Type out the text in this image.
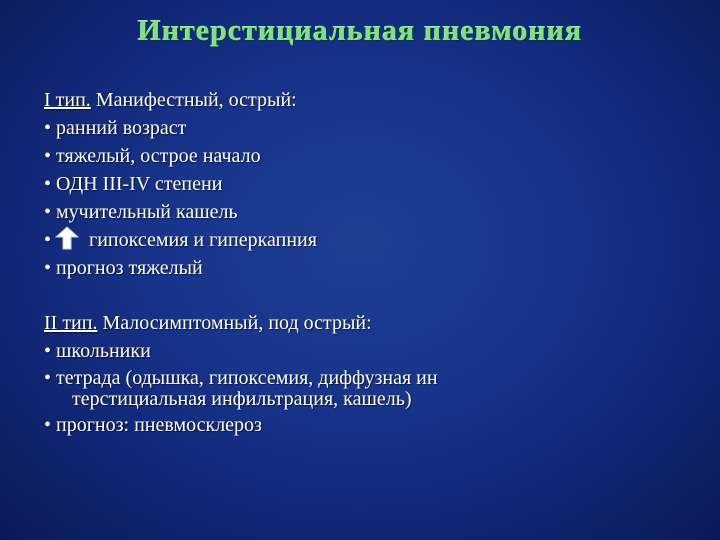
Интерстициальная пневмония
I тип. Манифестный, острый:
• ранний возраст
• тяжелый, острое начало
• ОДН III-IV степени
• мучительный кашель
• гипоксемия и гиперкапния
• прогноз тяжелый
II тип. Малосимптомный, под острый:
• школьники
• тетрада (одышка, гипоксемия, диффузная ин
терстициальная инфильтрация, кашель)
• прогноз: пневмосклероз
